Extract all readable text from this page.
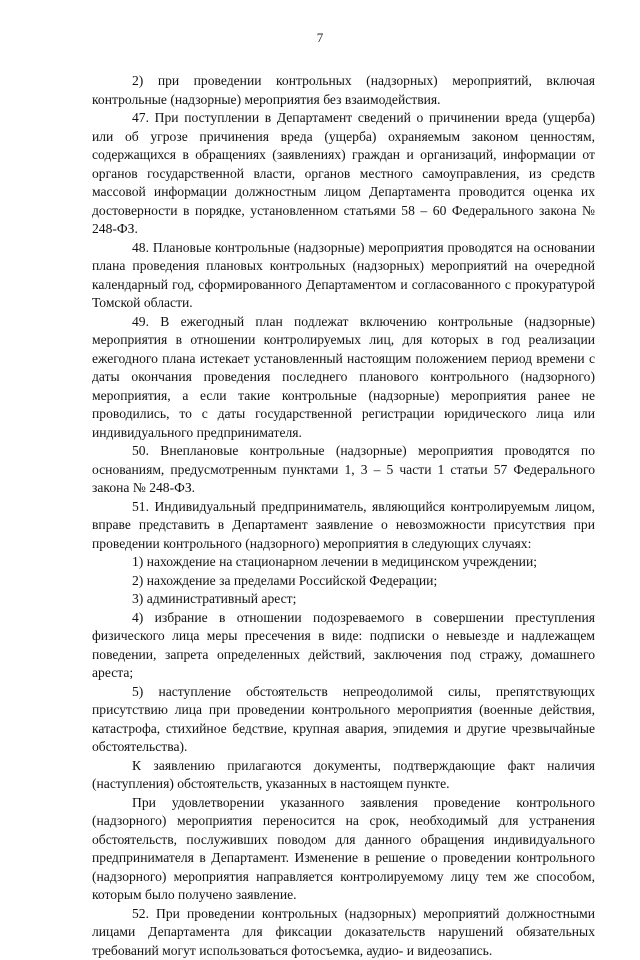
7

2) при проведении контрольных (надзорных) мероприятий, включая контрольные (надзорные) мероприятия без взаимодействия.

47. При поступлении в Департамент сведений о причинении вреда (ущерба) или об угрозе причинения вреда (ущерба) охраняемым законом ценностям, содержащихся в обращениях (заявлениях) граждан и организаций, информации от органов государственной власти, органов местного самоуправления, из средств массовой информации должностным лицом Департамента проводится оценка их достоверности в порядке, установленном статьями 58 – 60 Федерального закона № 248-ФЗ.

48. Плановые контрольные (надзорные) мероприятия проводятся на основании плана проведения плановых контрольных (надзорных) мероприятий на очередной календарный год, сформированного Департаментом и согласованного с прокуратурой Томской области.

49. В ежегодный план подлежат включению контрольные (надзорные) мероприятия в отношении контролируемых лиц, для которых в год реализации ежегодного плана истекает установленный настоящим положением период времени с даты окончания проведения последнего планового контрольного (надзорного) мероприятия, а если такие контрольные (надзорные) мероприятия ранее не проводились, то с даты государственной регистрации юридического лица или индивидуального предпринимателя.

50. Внеплановые контрольные (надзорные) мероприятия проводятся по основаниям, предусмотренным пунктами 1, 3 – 5 части 1 статьи 57 Федерального закона № 248-ФЗ.

51. Индивидуальный предприниматель, являющийся контролируемым лицом, вправе представить в Департамент заявление о невозможности присутствия при проведении контрольного (надзорного) мероприятия в следующих случаях:

1) нахождение на стационарном лечении в медицинском учреждении;

2) нахождение за пределами Российской Федерации;

3) административный арест;

4) избрание в отношении подозреваемого в совершении преступления физического лица меры пресечения в виде: подписки о невыезде и надлежащем поведении, запрета определенных действий, заключения под стражу, домашнего ареста;

5) наступление обстоятельств непреодолимой силы, препятствующих присутствию лица при проведении контрольного мероприятия (военные действия, катастрофа, стихийное бедствие, крупная авария, эпидемия и другие чрезвычайные обстоятельства).

К заявлению прилагаются документы, подтверждающие факт наличия (наступления) обстоятельств, указанных в настоящем пункте.

При удовлетворении указанного заявления проведение контрольного (надзорного) мероприятия переносится на срок, необходимый для устранения обстоятельств, послуживших поводом для данного обращения индивидуального предпринимателя в Департамент. Изменение в решение о проведении контрольного (надзорного) мероприятия направляется контролируемому лицу тем же способом, которым было получено заявление.

52. При проведении контрольных (надзорных) мероприятий должностными лицами Департамента для фиксации доказательств нарушений обязательных требований могут использоваться фотосъемка, аудио- и видеозапись.
